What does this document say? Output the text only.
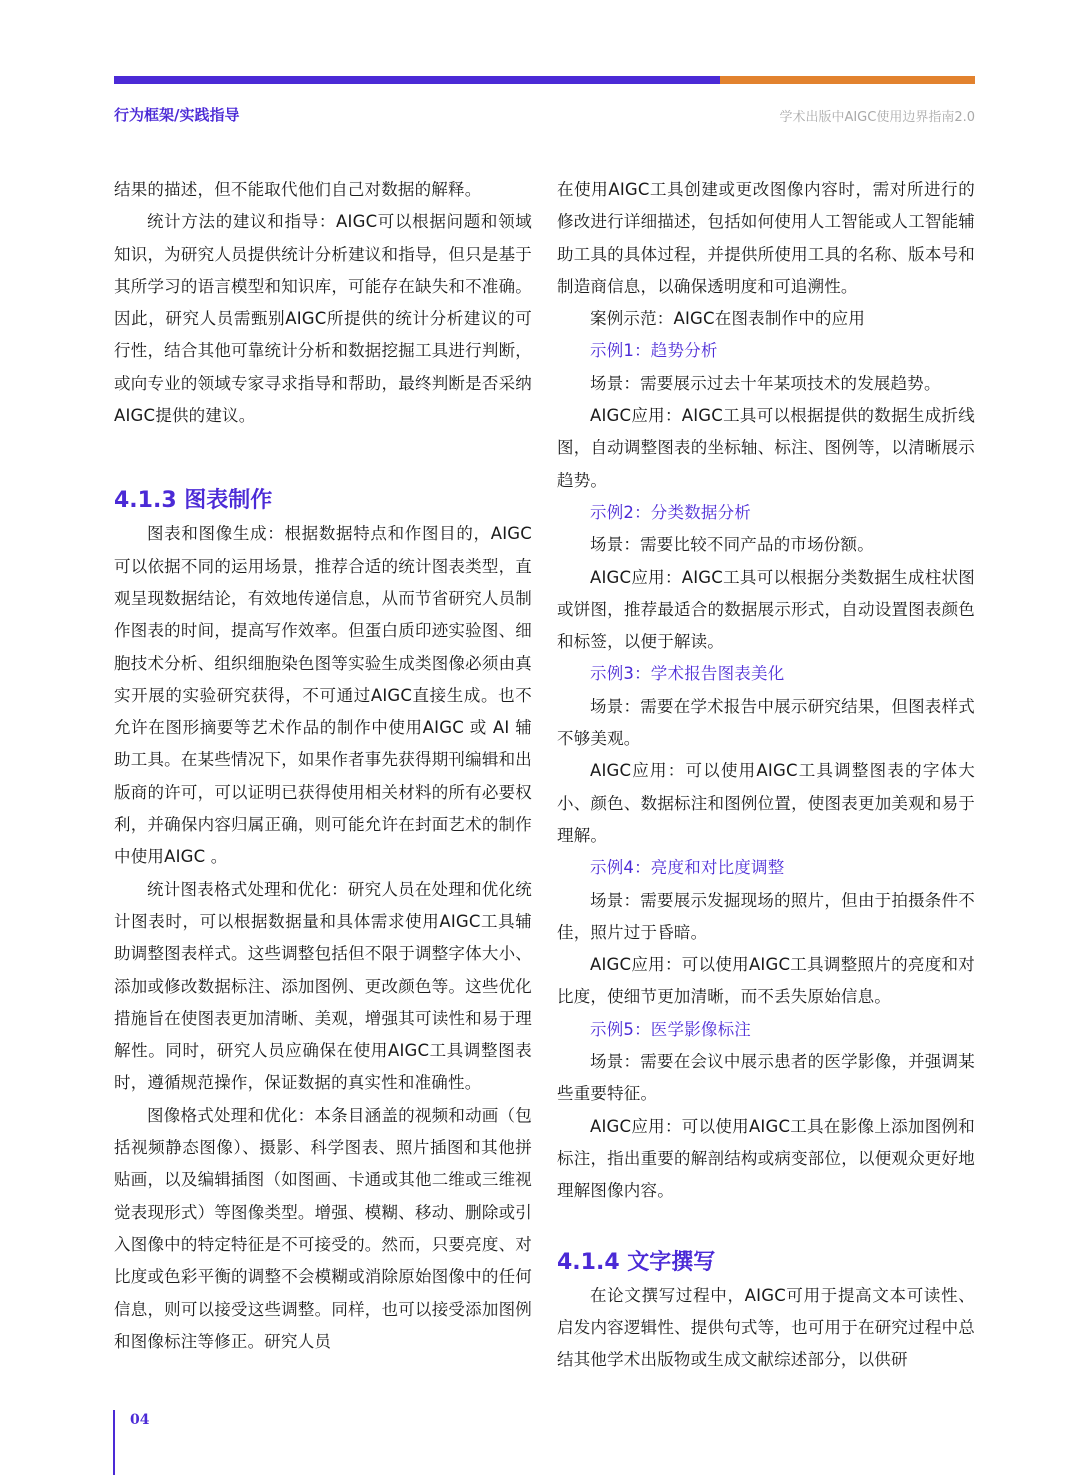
行为框架/实践指导	学术出版中AIGC使用边界指南2.0

结果的描述，但不能取代他们自己对数据的解释。

统计方法的建议和指导：AIGC可以根据问题和领域知识，为研究人员提供统计分析建议和指导，但只是基于其所学习的语言模型和知识库，可能存在缺失和不准确。因此，研究人员需甄别AIGC所提供的统计分析建议的可行性，结合其他可靠统计分析和数据挖掘工具进行判断，或向专业的领域专家寻求指导和帮助，最终判断是否采纳AIGC提供的建议。

4.1.3 图表制作

图表和图像生成：根据数据特点和作图目的，AIGC可以依据不同的运用场景，推荐合适的统计图表类型，直观呈现数据结论，有效地传递信息，从而节省研究人员制作图表的时间，提高写作效率。但蛋白质印迹实验图、细胞技术分析、组织细胞染色图等实验生成类图像必须由真实开展的实验研究获得，不可通过AIGC直接生成。也不允许在图形摘要等艺术作品的制作中使用AIGC 或 AI 辅助工具。在某些情况下，如果作者事先获得期刊编辑和出版商的许可，可以证明已获得使用相关材料的所有必要权利，并确保内容归属正确，则可能允许在封面艺术的制作中使用AIGC 。

统计图表格式处理和优化：研究人员在处理和优化统计图表时，可以根据数据量和具体需求使用AIGC工具辅助调整图表样式。这些调整包括但不限于调整字体大小、添加或修改数据标注、添加图例、更改颜色等。这些优化措施旨在使图表更加清晰、美观，增强其可读性和易于理解性。同时，研究人员应确保在使用AIGC工具调整图表时，遵循规范操作，保证数据的真实性和准确性。

图像格式处理和优化：本条目涵盖的视频和动画（包括视频静态图像）、摄影、科学图表、照片插图和其他拼贴画，以及编辑插图（如图画、卡通或其他二维或三维视觉表现形式）等图像类型。增强、模糊、移动、删除或引入图像中的特定特征是不可接受的。然而，只要亮度、对比度或色彩平衡的调整不会模糊或消除原始图像中的任何信息，则可以接受这些调整。同样，也可以接受添加图例和图像标注等修正。研究人员

在使用AIGC工具创建或更改图像内容时，需对所进行的修改进行详细描述，包括如何使用人工智能或人工智能辅助工具的具体过程，并提供所使用工具的名称、版本号和制造商信息，以确保透明度和可追溯性。

案例示范：AIGC在图表制作中的应用

示例1：趋势分析

场景：需要展示过去十年某项技术的发展趋势。

AIGC应用：AIGC工具可以根据提供的数据生成折线图，自动调整图表的坐标轴、标注、图例等，以清晰展示趋势。

示例2：分类数据分析

场景：需要比较不同产品的市场份额。

AIGC应用：AIGC工具可以根据分类数据生成柱状图或饼图，推荐最适合的数据展示形式，自动设置图表颜色和标签，以便于解读。

示例3：学术报告图表美化

场景：需要在学术报告中展示研究结果，但图表样式不够美观。

AIGC应用：可以使用AIGC工具调整图表的字体大小、颜色、数据标注和图例位置，使图表更加美观和易于理解。

示例4：亮度和对比度调整

场景：需要展示发掘现场的照片，但由于拍摄条件不佳，照片过于昏暗。

AIGC应用：可以使用AIGC工具调整照片的亮度和对比度，使细节更加清晰，而不丢失原始信息。

示例5：医学影像标注

场景：需要在会议中展示患者的医学影像，并强调某些重要特征。

AIGC应用：可以使用AIGC工具在影像上添加图例和标注，指出重要的解剖结构或病变部位，以便观众更好地理解图像内容。

4.1.4 文字撰写

在论文撰写过程中，AIGC可用于提高文本可读性、启发内容逻辑性、提供句式等，也可用于在研究过程中总结其他学术出版物或生成文献综述部分，以供研

04
